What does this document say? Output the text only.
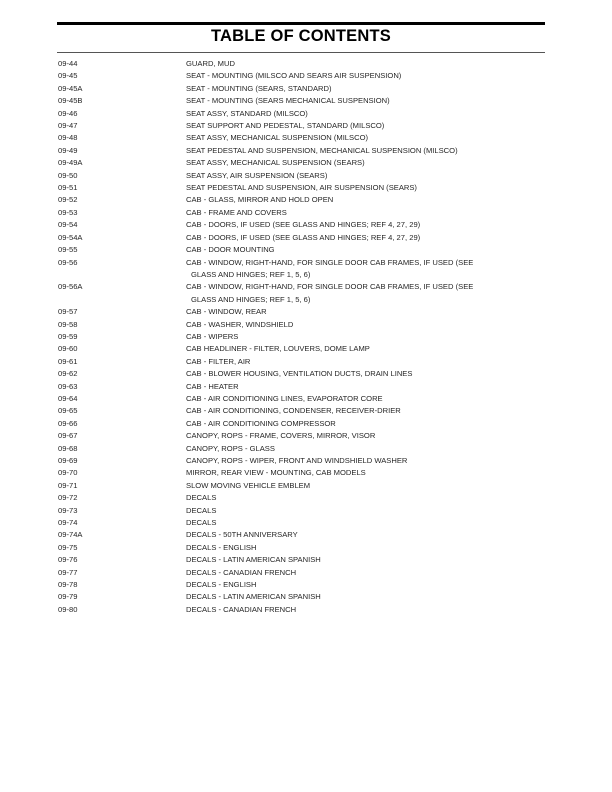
TABLE OF CONTENTS
09-44	GUARD, MUD
09-45	SEAT - MOUNTING (MILSCO AND SEARS AIR SUSPENSION)
09-45A	SEAT - MOUNTING (SEARS, STANDARD)
09-45B	SEAT - MOUNTING (SEARS MECHANICAL SUSPENSION)
09-46	SEAT ASSY, STANDARD (MILSCO)
09-47	SEAT SUPPORT AND PEDESTAL, STANDARD (MILSCO)
09-48	SEAT ASSY, MECHANICAL SUSPENSION (MILSCO)
09-49	SEAT PEDESTAL AND SUSPENSION, MECHANICAL SUSPENSION (MILSCO)
09-49A	SEAT ASSY, MECHANICAL SUSPENSION (SEARS)
09-50	SEAT ASSY, AIR SUSPENSION (SEARS)
09-51	SEAT PEDESTAL AND SUSPENSION, AIR SUSPENSION (SEARS)
09-52	CAB - GLASS, MIRROR AND HOLD OPEN
09-53	CAB - FRAME AND COVERS
09-54	CAB - DOORS, IF USED (SEE GLASS AND HINGES; REF 4, 27, 29)
09-54A	CAB - DOORS, IF USED (SEE GLASS AND HINGES; REF 4, 27, 29)
09-55	CAB - DOOR MOUNTING
09-56	CAB - WINDOW, RIGHT-HAND, FOR SINGLE DOOR CAB FRAMES, IF USED (SEE
GLASS AND HINGES; REF 1, 5, 6)
09-56A	CAB - WINDOW, RIGHT-HAND, FOR SINGLE DOOR CAB FRAMES, IF USED (SEE
GLASS AND HINGES; REF 1, 5, 6)
09-57	CAB - WINDOW, REAR
09-58	CAB - WASHER, WINDSHIELD
09-59	CAB - WIPERS
09-60	CAB HEADLINER - FILTER, LOUVERS, DOME LAMP
09-61	CAB - FILTER, AIR
09-62	CAB - BLOWER HOUSING, VENTILATION DUCTS, DRAIN LINES
09-63	CAB - HEATER
09-64	CAB - AIR CONDITIONING LINES, EVAPORATOR CORE
09-65	CAB - AIR CONDITIONING, CONDENSER, RECEIVER-DRIER
09-66	CAB - AIR CONDITIONING COMPRESSOR
09-67	CANOPY, ROPS - FRAME, COVERS, MIRROR, VISOR
09-68	CANOPY, ROPS - GLASS
09-69	CANOPY, ROPS - WIPER, FRONT AND WINDSHIELD WASHER
09-70	MIRROR, REAR VIEW - MOUNTING, CAB MODELS
09-71	SLOW MOVING VEHICLE EMBLEM
09-72	DECALS
09-73	DECALS
09-74	DECALS
09-74A	DECALS - 50TH ANNIVERSARY
09-75	DECALS - ENGLISH
09-76	DECALS - LATIN AMERICAN SPANISH
09-77	DECALS - CANADIAN FRENCH
09-78	DECALS - ENGLISH
09-79	DECALS - LATIN AMERICAN SPANISH
09-80	DECALS - CANADIAN FRENCH
